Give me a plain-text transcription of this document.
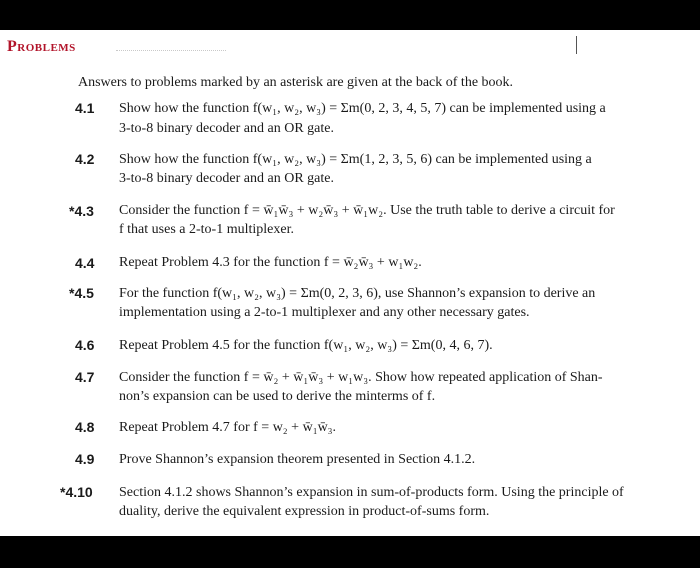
Problems
Answers to problems marked by an asterisk are given at the back of the book.
4.1 Show how the function f(w₁, w₂, w₃) = Σm(0, 2, 3, 4, 5, 7) can be implemented using a
3-to-8 binary decoder and an OR gate.
4.2 Show how the function f(w₁, w₂, w₃) = Σm(1, 2, 3, 5, 6) can be implemented using a
3-to-8 binary decoder and an OR gate.
*4.3 Consider the function f = w̄₁w̄₃ + w₂w̄₃ + w̄₁w₂. Use the truth table to derive a circuit for
f that uses a 2-to-1 multiplexer.
4.4 Repeat Problem 4.3 for the function f = w̄₂w̄₃ + w₁w₂.
*4.5 For the function f(w₁, w₂, w₃) = Σm(0, 2, 3, 6), use Shannon’s expansion to derive an
implementation using a 2-to-1 multiplexer and any other necessary gates.
4.6 Repeat Problem 4.5 for the function f(w₁, w₂, w₃) = Σm(0, 4, 6, 7).
4.7 Consider the function f = w̄₂ + w̄₁w̄₃ + w₁w₃. Show how repeated application of Shan-
non’s expansion can be used to derive the minterms of f.
4.8 Repeat Problem 4.7 for f = w₂ + w̄₁w̄₃.
4.9 Prove Shannon’s expansion theorem presented in Section 4.1.2.
*4.10 Section 4.1.2 shows Shannon’s expansion in sum-of-products form. Using the principle of
duality, derive the equivalent expression in product-of-sums form.
